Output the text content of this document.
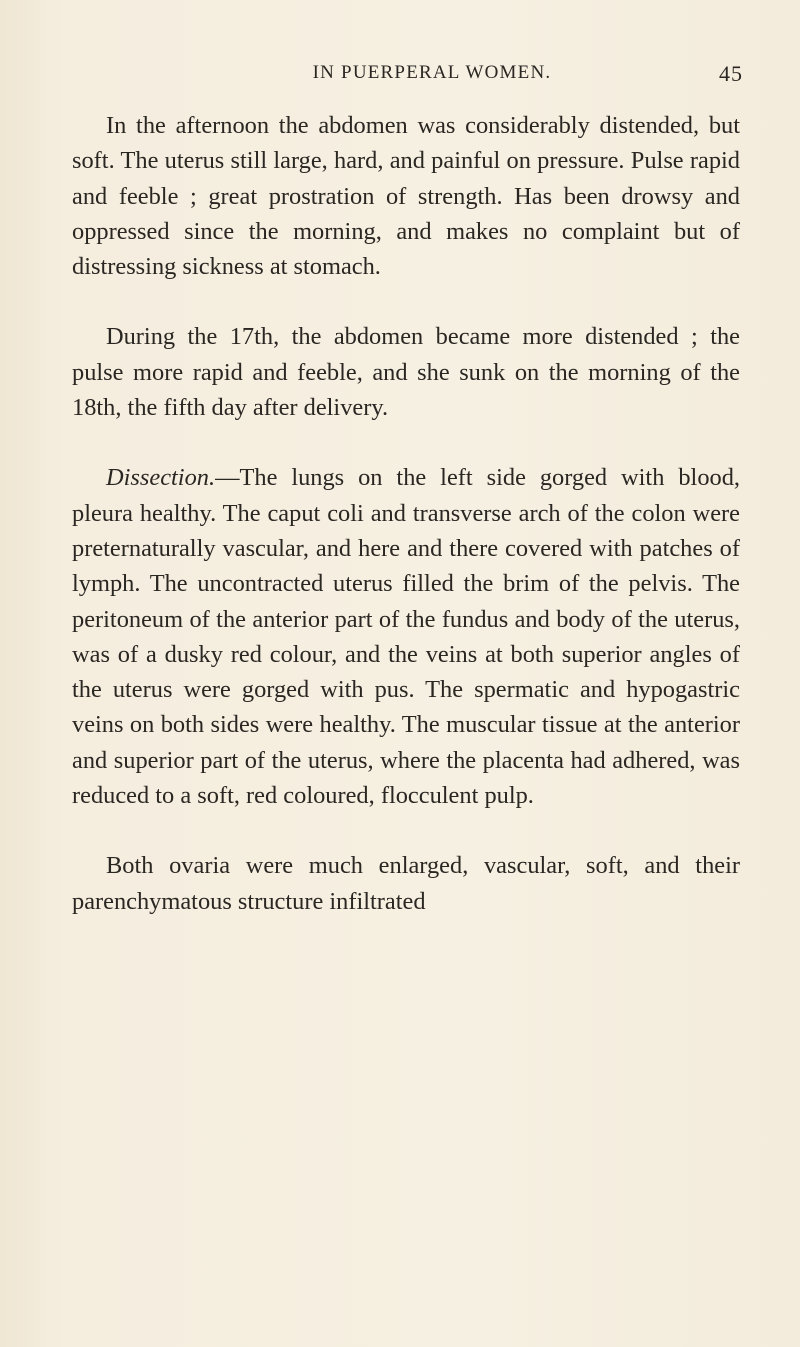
IN PUERPERAL WOMEN.	45

In the afternoon the abdomen was considerably distended, but soft. The uterus still large, hard, and painful on pressure. Pulse rapid and feeble ; great prostration of strength. Has been drowsy and oppressed since the morning, and makes no complaint but of distressing sickness at stomach.

During the 17th, the abdomen became more distended ; the pulse more rapid and feeble, and she sunk on the morning of the 18th, the fifth day after delivery.

Dissection.—The lungs on the left side gorged with blood, pleura healthy. The caput coli and transverse arch of the colon were preternaturally vascular, and here and there covered with patches of lymph. The uncontracted uterus filled the brim of the pelvis. The peritoneum of the anterior part of the fundus and body of the uterus, was of a dusky red colour, and the veins at both superior angles of the uterus were gorged with pus. The spermatic and hypogastric veins on both sides were healthy. The muscular tissue at the anterior and superior part of the uterus, where the placenta had adhered, was reduced to a soft, red coloured, flocculent pulp.

Both ovaria were much enlarged, vascular, soft, and their parenchymatous structure infiltrated
